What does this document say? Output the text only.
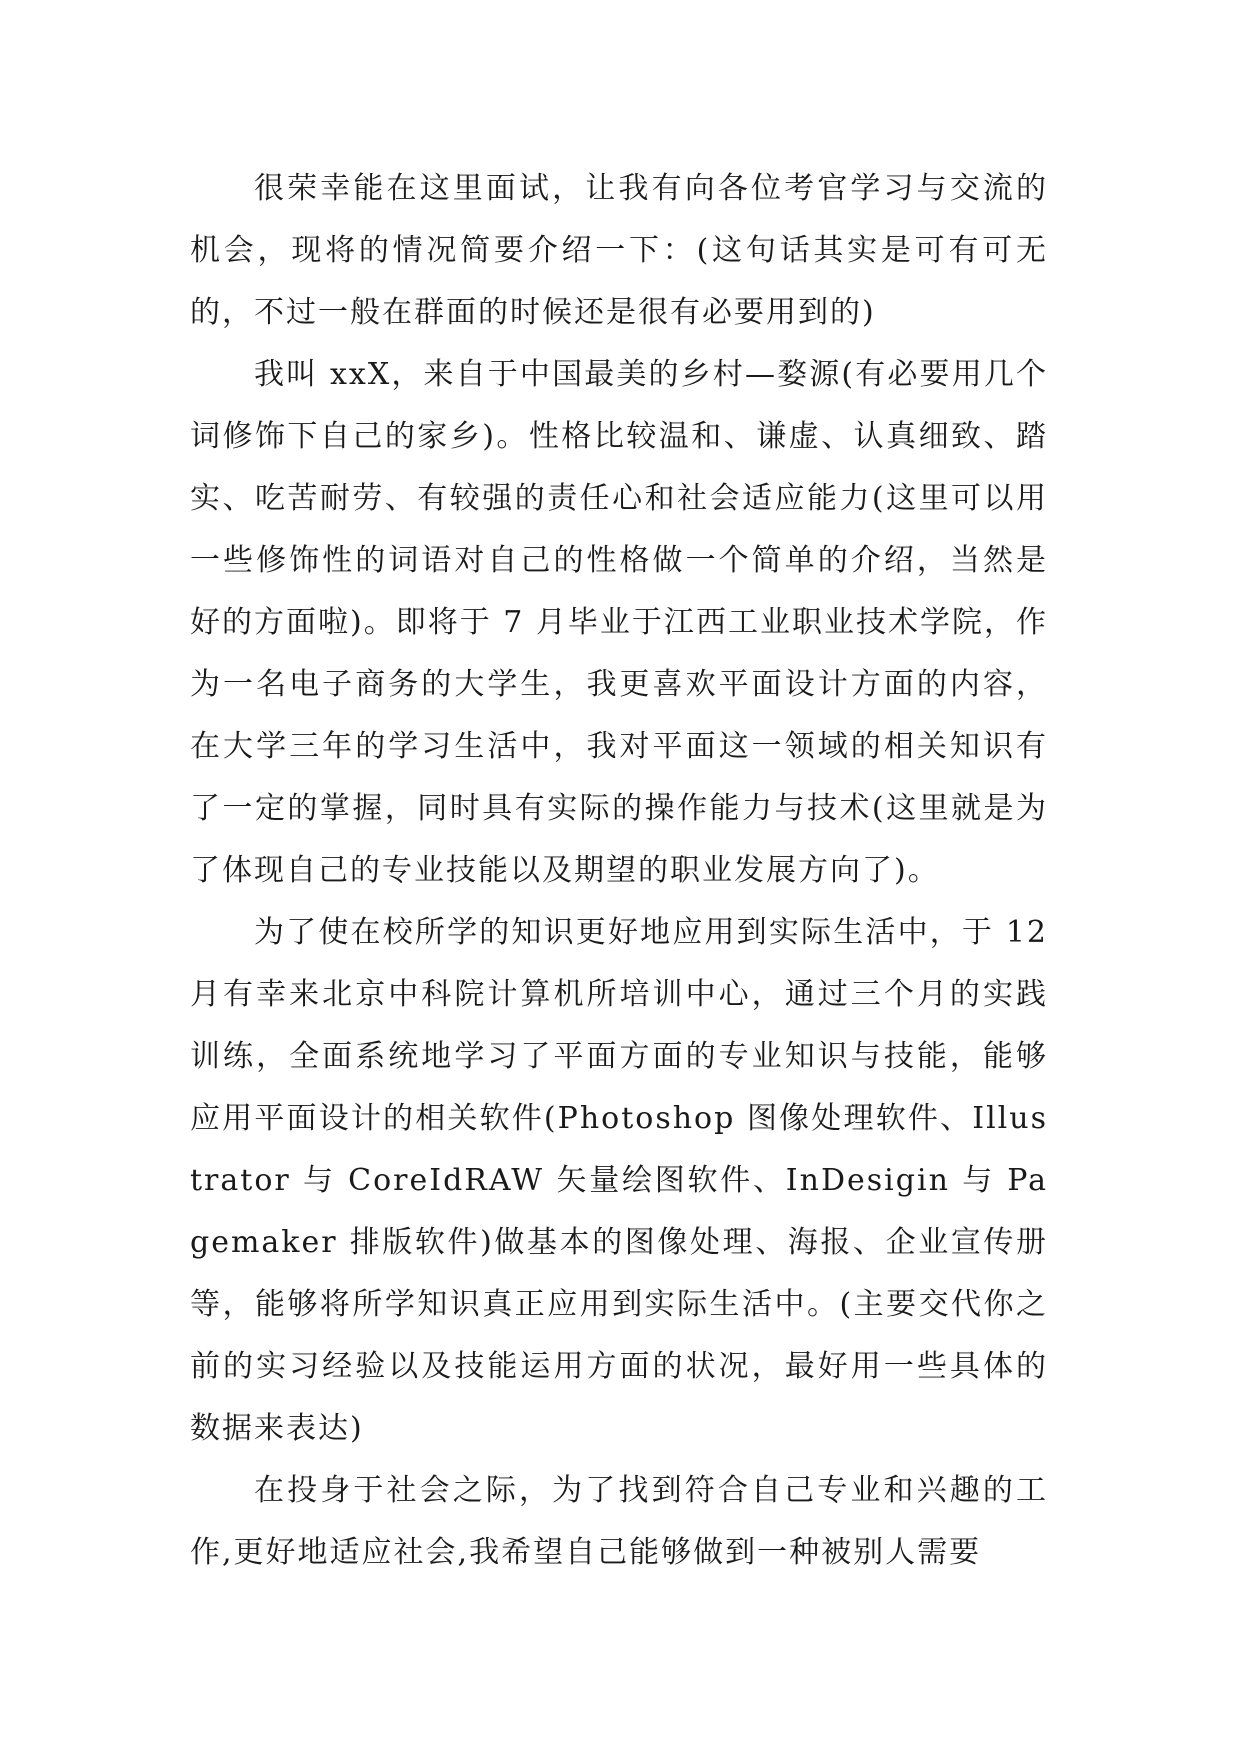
很荣幸能在这里面试，让我有向各位考官学习与交流的机会，现将的情况简要介绍一下：(这句话其实是可有可无的，不过一般在群面的时候还是很有必要用到的)

我叫 xxX，来自于中国最美的乡村—婺源(有必要用几个词修饰下自己的家乡)。性格比较温和、谦虚、认真细致、踏实、吃苦耐劳、有较强的责任心和社会适应能力(这里可以用一些修饰性的词语对自己的性格做一个简单的介绍，当然是好的方面啦)。即将于 7 月毕业于江西工业职业技术学院，作为一名电子商务的大学生，我更喜欢平面设计方面的内容，在大学三年的学习生活中，我对平面这一领域的相关知识有了一定的掌握，同时具有实际的操作能力与技术(这里就是为了体现自己的专业技能以及期望的职业发展方向了)。

为了使在校所学的知识更好地应用到实际生活中，于 12 月有幸来北京中科院计算机所培训中心，通过三个月的实践训练，全面系统地学习了平面方面的专业知识与技能，能够应用平面设计的相关软件(Photoshop 图像处理软件、Illustrator 与 CoreIdRAW 矢量绘图软件、InDesigin 与 Pagemaker 排版软件)做基本的图像处理、海报、企业宣传册等，能够将所学知识真正应用到实际生活中。(主要交代你之前的实习经验以及技能运用方面的状况，最好用一些具体的数据来表达)

在投身于社会之际，为了找到符合自己专业和兴趣的工作,更好地适应社会,我希望自己能够做到一种被别人需要
